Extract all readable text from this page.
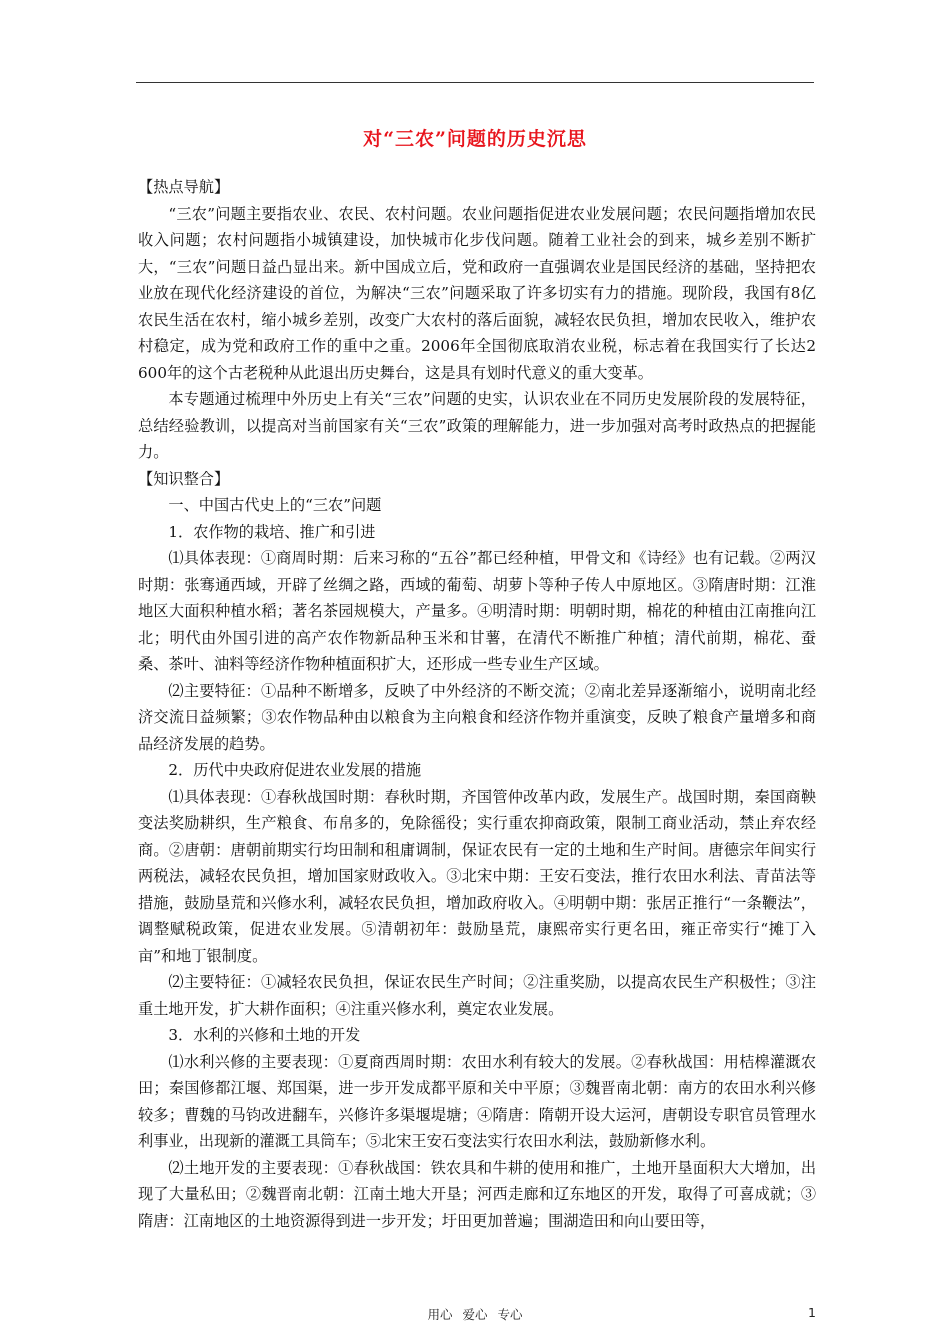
对“三农”问题的历史沉思

【热点导航】

“三农”问题主要指农业、农民、农村问题。农业问题指促进农业发展问题；农民问题指增加农民收入问题；农村问题指小城镇建设，加快城市化步伐问题。随着工业社会的到来，城乡差别不断扩大，“三农”问题日益凸显出来。新中国成立后，党和政府一直强调农业是国民经济的基础，坚持把农业放在现代化经济建设的首位，为解决“三农”问题采取了许多切实有力的措施。现阶段，我国有8亿农民生活在农村，缩小城乡差别，改变广大农村的落后面貌，减轻农民负担，增加农民收入，维护农村稳定，成为党和政府工作的重中之重。2006年全国彻底取消农业税，标志着在我国实行了长达2 600年的这个古老税种从此退出历史舞台，这是具有划时代意义的重大变革。

本专题通过梳理中外历史上有关“三农”问题的史实，认识农业在不同历史发展阶段的发展特征，总结经验教训，以提高对当前国家有关“三农”政策的理解能力，进一步加强对高考时政热点的把握能力。

【知识整合】

一、中国古代史上的“三农”问题

1．农作物的栽培、推广和引进

⑴具体表现：①商周时期：后来习称的“五谷”都已经种植，甲骨文和《诗经》也有记载。②两汉时期：张骞通西域，开辟了丝绸之路，西域的葡萄、胡萝卜等种子传人中原地区。③隋唐时期：江淮地区大面积种植水稻；著名茶园规模大，产量多。④明清时期：明朝时期，棉花的种植由江南推向江北；明代由外国引进的高产农作物新品种玉米和甘薯，在清代不断推广种植；清代前期，棉花、蚕桑、茶叶、油料等经济作物种植面积扩大，还形成一些专业生产区域。

⑵主要特征：①品种不断增多，反映了中外经济的不断交流；②南北差异逐渐缩小，说明南北经济交流日益频繁；③农作物品种由以粮食为主向粮食和经济作物并重演变，反映了粮食产量增多和商品经济发展的趋势。

2．历代中央政府促进农业发展的措施

⑴具体表现：①春秋战国时期：春秋时期，齐国管仲改革内政，发展生产。战国时期，秦国商鞅变法奖励耕织，生产粮食、布帛多的，免除徭役；实行重农抑商政策，限制工商业活动，禁止弃农经商。②唐朝：唐朝前期实行均田制和租庸调制，保证农民有一定的土地和生产时间。唐德宗年间实行两税法，减轻农民负担，增加国家财政收入。③北宋中期：王安石变法，推行农田水利法、青苗法等措施，鼓励垦荒和兴修水利，减轻农民负担，增加政府收入。④明朝中期：张居正推行“一条鞭法”，调整赋税政策，促进农业发展。⑤清朝初年：鼓励垦荒，康熙帝实行更名田，雍正帝实行“摊丁入亩”和地丁银制度。

⑵主要特征：①减轻农民负担，保证农民生产时间；②注重奖励，以提高农民生产积极性；③注重土地开发，扩大耕作面积；④注重兴修水利，奠定农业发展。

3．水利的兴修和土地的开发

⑴水利兴修的主要表现：①夏商西周时期：农田水利有较大的发展。②春秋战国：用桔槔灌溉农田；秦国修都江堰、郑国渠，进一步开发成都平原和关中平原；③魏晋南北朝：南方的农田水利兴修较多；曹魏的马钧改进翻车，兴修许多渠堰堤塘；④隋唐：隋朝开设大运河，唐朝设专职官员管理水利事业，出现新的灌溉工具筒车；⑤北宋王安石变法实行农田水利法，鼓励新修水利。

⑵土地开发的主要表现：①春秋战国：铁农具和牛耕的使用和推广，土地开垦面积大大增加，出现了大量私田；②魏晋南北朝：江南土地大开垦；河西走廊和辽东地区的开发，取得了可喜成就；③隋唐：江南地区的土地资源得到进一步开发；圩田更加普遍；围湖造田和向山要田等，

用心 爱心 专心	1
